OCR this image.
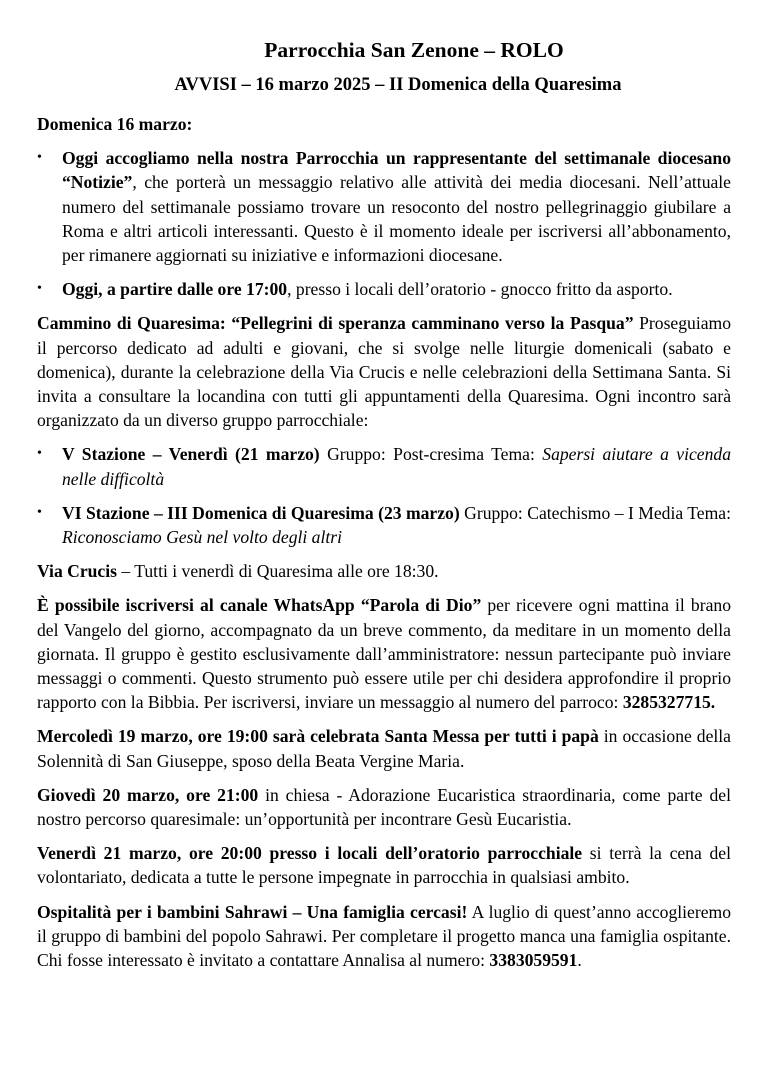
Parrocchia San Zenone – ROLO
AVVISI – 16 marzo 2025 – II Domenica della Quaresima

Domenica 16 marzo:

•	Oggi accogliamo nella nostra Parrocchia un rappresentante del settimanale diocesano “Notizie”, che porterà un messaggio relativo alle attività dei media diocesani. Nell’attuale numero del settimanale possiamo trovare un resoconto del nostro pellegrinaggio giubilare a Roma e altri articoli interessanti. Questo è il momento ideale per iscriversi all’abbonamento, per rimanere aggiornati su iniziative e informazioni diocesane.
•	Oggi, a partire dalle ore 17:00, presso i locali dell’oratorio - gnocco fritto da asporto.

Cammino di Quaresima: “Pellegrini di speranza camminano verso la Pasqua” Proseguiamo il percorso dedicato ad adulti e giovani, che si svolge nelle liturgie domenicali (sabato e domenica), durante la celebrazione della Via Crucis e nelle celebrazioni della Settimana Santa. Si invita a consultare la locandina con tutti gli appuntamenti della Quaresima. Ogni incontro sarà organizzato da un diverso gruppo parrocchiale:

•	V Stazione – Venerdì (21 marzo) Gruppo: Post-cresima Tema: Sapersi aiutare a vicenda nelle difficoltà
•	VI Stazione – III Domenica di Quaresima (23 marzo) Gruppo: Catechismo – I Media Tema: Riconosciamo Gesù nel volto degli altri

Via Crucis – Tutti i venerdì di Quaresima alle ore 18:30.

È possibile iscriversi al canale WhatsApp “Parola di Dio” per ricevere ogni mattina il brano del Vangelo del giorno, accompagnato da un breve commento, da meditare in un momento della giornata. Il gruppo è gestito esclusivamente dall’amministratore: nessun partecipante può inviare messaggi o commenti. Questo strumento può essere utile per chi desidera approfondire il proprio rapporto con la Bibbia. Per iscriversi, inviare un messaggio al numero del parroco: 3285327715.

Mercoledì 19 marzo, ore 19:00 sarà celebrata Santa Messa per tutti i papà in occasione della Solennità di San Giuseppe, sposo della Beata Vergine Maria.

Giovedì 20 marzo, ore 21:00 in chiesa - Adorazione Eucaristica straordinaria, come parte del nostro percorso quaresimale: un’opportunità per incontrare Gesù Eucaristia.

Venerdì 21 marzo, ore 20:00 presso i locali dell’oratorio parrocchiale si terrà la cena del volontariato, dedicata a tutte le persone impegnate in parrocchia in qualsiasi ambito.

Ospitalità per i bambini Sahrawi – Una famiglia cercasi! A luglio di quest’anno accoglieremo il gruppo di bambini del popolo Sahrawi. Per completare il progetto manca una famiglia ospitante. Chi fosse interessato è invitato a contattare Annalisa al numero: 3383059591.
